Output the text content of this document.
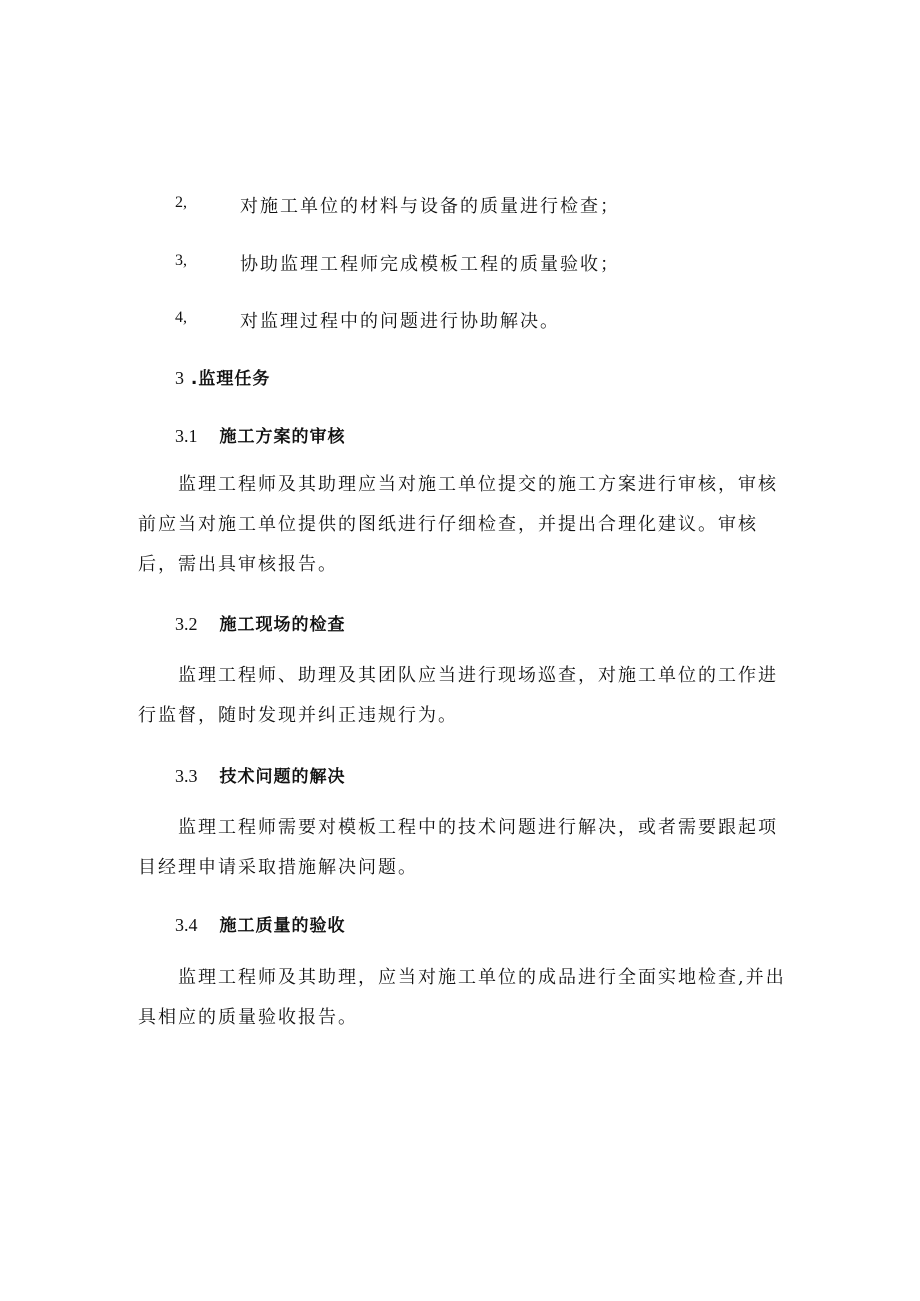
2,	对施工单位的材料与设备的质量进行检查；
3,	协助监理工程师完成模板工程的质量验收；
4,	对监理过程中的问题进行协助解决。
3 .监理任务
3.1 施工方案的审核
监理工程师及其助理应当对施工单位提交的施工方案进行审核，审核
前应当对施工单位提供的图纸进行仔细检查，并提出合理化建议。审核
后，需出具审核报告。
3.2 施工现场的检查
监理工程师、助理及其团队应当进行现场巡查，对施工单位的工作进
行监督，随时发现并纠正违规行为。
3.3 技术问题的解决
监理工程师需要对模板工程中的技术问题进行解决，或者需要跟起项
目经理申请采取措施解决问题。
3.4 施工质量的验收
监理工程师及其助理，应当对施工单位的成品进行全面实地检查,并出
具相应的质量验收报告。
